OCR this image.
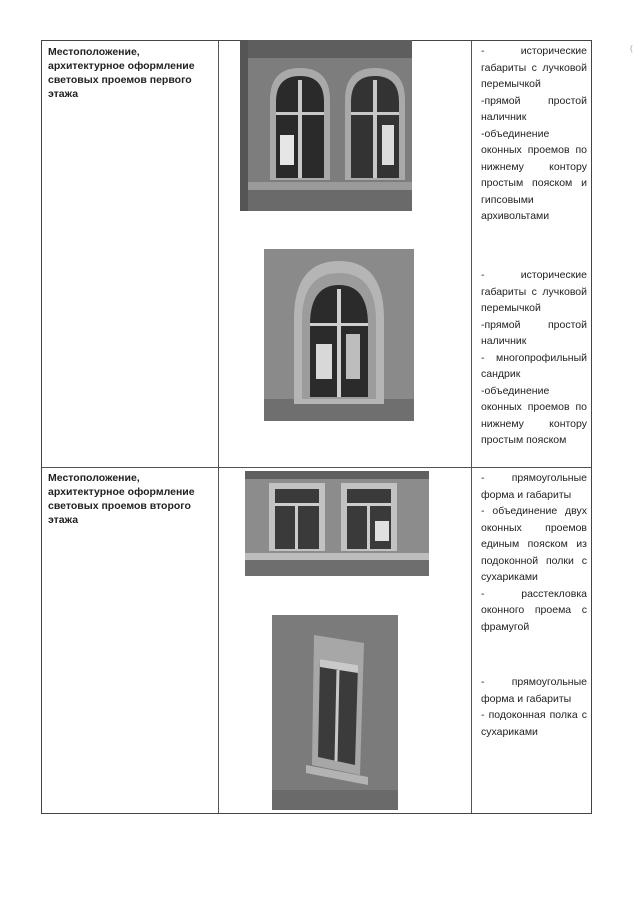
Местоположение, архитектурное оформление световых проемов первого этажа

- исторические габариты с лучковой перемычкой

-прямой простой наличник

-объединение оконных проемов по нижнему контору простым пояском и гипсовыми архивольтами

- исторические габариты с лучковой перемычкой

-прямой простой наличник

- многопрофильный сандрик

-объединение оконных проемов по нижнему контору простым пояском

Местоположение, архитектурное оформление световых проемов второго этажа

- прямоугольные форма и габариты

- объединение двух оконных проемов единым пояском из подоконной полки с сухариками

- расстекловка оконного проема с фрамугой

- прямоугольные форма и габариты

- подоконная полка с сухариками

(
